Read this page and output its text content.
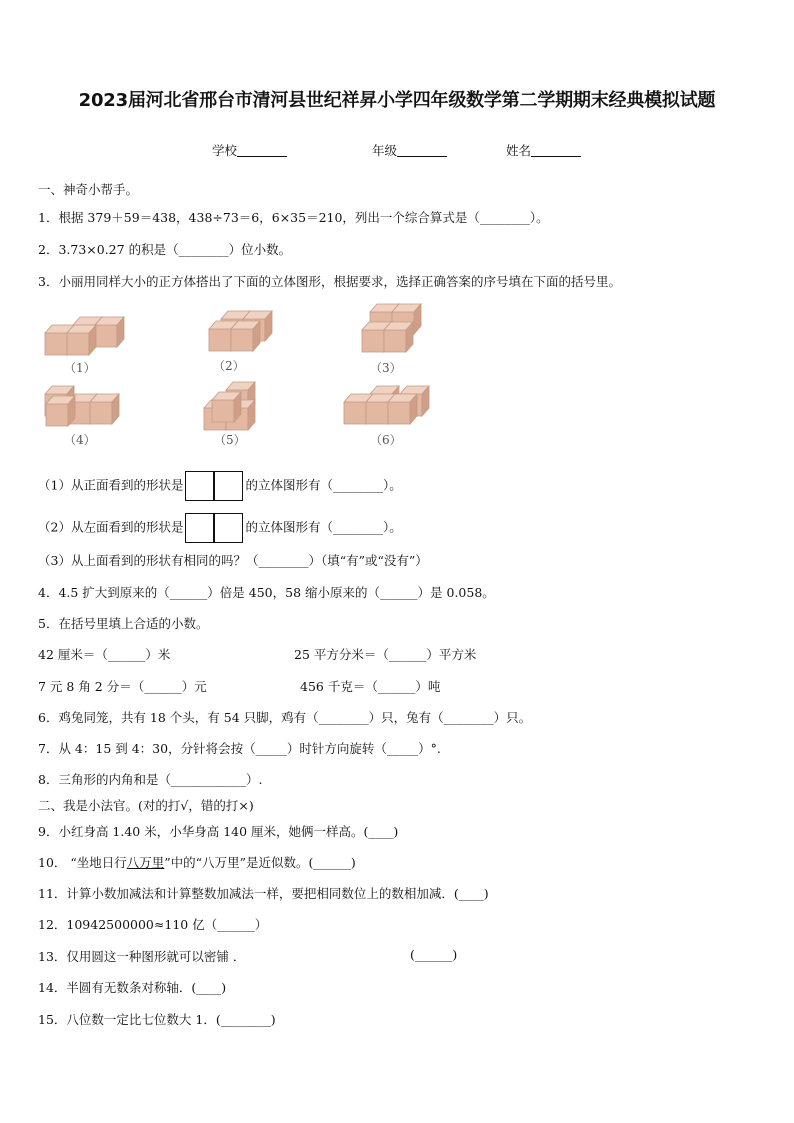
2023届河北省邢台市清河县世纪祥昇小学四年级数学第二学期期末经典模拟试题
学校	年级	姓名
一、神奇小帮手。
1．根据 379＋59＝438，438÷73＝6，6×35＝210，列出一个综合算式是（________）。
2．3.73×0.27 的积是（________）位小数。
3．小丽用同样大小的正方体搭出了下面的立体图形，根据要求，选择正确答案的序号填在下面的括号里。
（1）	（2）	（3）
（4）	（5）	（6）
（1）从正面看到的形状是	的立体图形有（________）。
（2）从左面看到的形状是	的立体图形有（________）。
（3）从上面看到的形状有相同的吗？（________）（填“有”或“没有”）
4．4.5 扩大到原来的（______）倍是 450，58 缩小原来的（______）是 0.058。
5．在括号里填上合适的小数。
42 厘米＝（______）米	25 平方分米＝（______）平方米
7 元 8 角 2 分＝（______）元	456 千克＝（______）吨
6．鸡兔同笼，共有 18 个头，有 54 只脚，鸡有（________）只，兔有（________）只。
7．从 4：15 到 4：30，分针将会按（_____）时针方向旋转（_____）°.
8．三角形的内角和是（____________）.
二、我是小法官。(对的打√，错的打×)
9．小红身高 1.40 米，小华身高 140 厘米，她俩一样高。(____)
10． “坐地日行八万里”中的“八万里”是近似数。(______)
11．计算小数加减法和计算整数加减法一样，要把相同数位上的数相加减．(____)
12．10942500000≈110 亿（______）
13．仅用圆这一种图形就可以密铺 ．	(______)
14．半圆有无数条对称轴．(____)
15．八位数一定比七位数大 1．(________)
